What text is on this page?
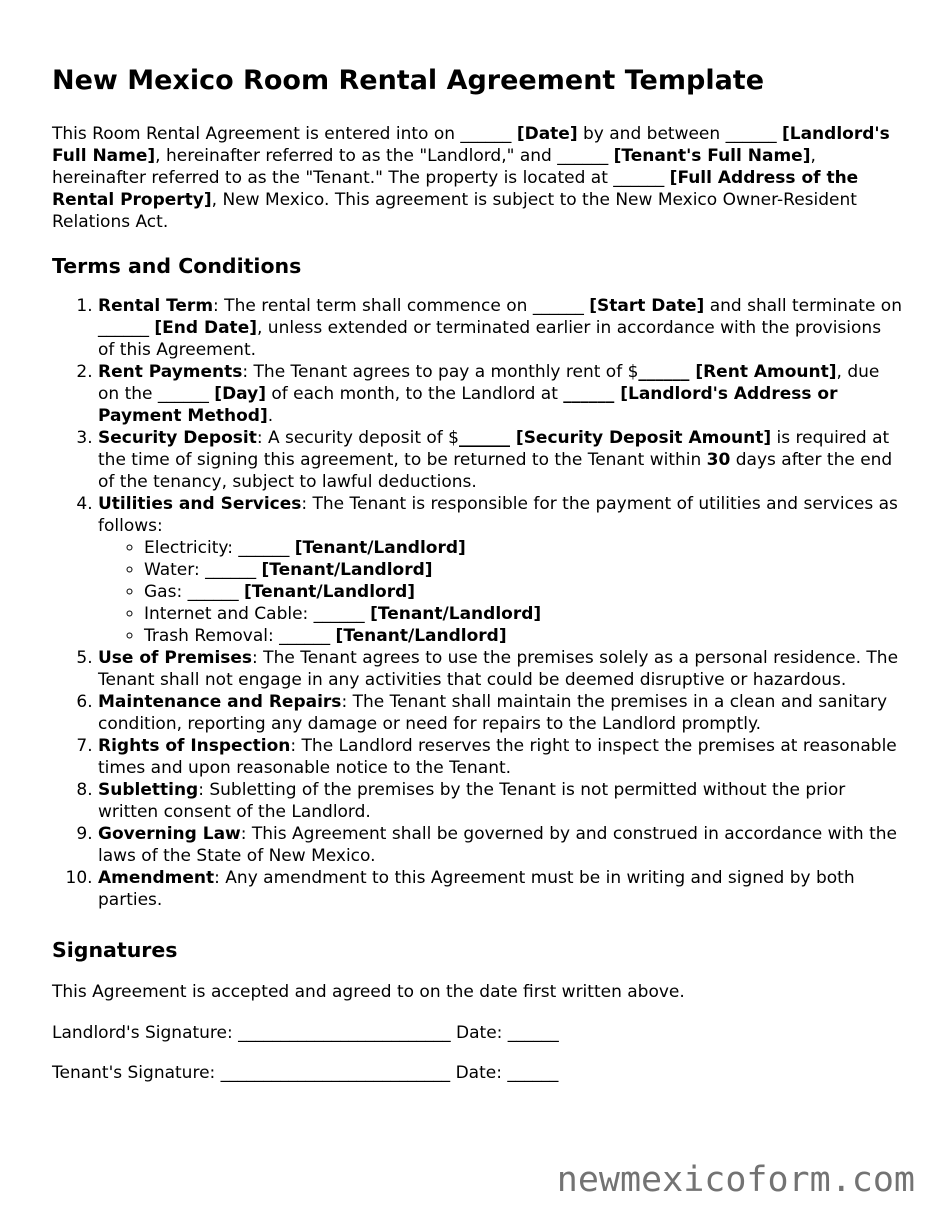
New Mexico Room Rental Agreement Template

This Room Rental Agreement is entered into on ______ [Date] by and between ______ [Landlord's Full Name], hereinafter referred to as the "Landlord," and ______ [Tenant's Full Name], hereinafter referred to as the "Tenant." The property is located at ______ [Full Address of the Rental Property], New Mexico. This agreement is subject to the New Mexico Owner-Resident Relations Act.

Terms and Conditions
1. Rental Term: The rental term shall commence on ______ [Start Date] and shall terminate on ______ [End Date], unless extended or terminated earlier in accordance with the provisions of this Agreement.
2. Rent Payments: The Tenant agrees to pay a monthly rent of $______ [Rent Amount], due on the ______ [Day] of each month, to the Landlord at ______ [Landlord's Address or Payment Method].
3. Security Deposit: A security deposit of $______ [Security Deposit Amount] is required at the time of signing this agreement, to be returned to the Tenant within 30 days after the end of the tenancy, subject to lawful deductions.
4. Utilities and Services: The Tenant is responsible for the payment of utilities and services as follows:
◦ Electricity: ______ [Tenant/Landlord]
◦ Water: ______ [Tenant/Landlord]
◦ Gas: ______ [Tenant/Landlord]
◦ Internet and Cable: ______ [Tenant/Landlord]
◦ Trash Removal: ______ [Tenant/Landlord]
5. Use of Premises: The Tenant agrees to use the premises solely as a personal residence. The Tenant shall not engage in any activities that could be deemed disruptive or hazardous.
6. Maintenance and Repairs: The Tenant shall maintain the premises in a clean and sanitary condition, reporting any damage or need for repairs to the Landlord promptly.
7. Rights of Inspection: The Landlord reserves the right to inspect the premises at reasonable times and upon reasonable notice to the Tenant.
8. Subletting: Subletting of the premises by the Tenant is not permitted without the prior written consent of the Landlord.
9. Governing Law: This Agreement shall be governed by and construed in accordance with the laws of the State of New Mexico.
10. Amendment: Any amendment to this Agreement must be in writing and signed by both parties.
Signatures

This Agreement is accepted and agreed to on the date first written above.

Landlord's Signature: _________________________ Date: ______

Tenant's Signature: ___________________________ Date: ______

newmexicoform.com
